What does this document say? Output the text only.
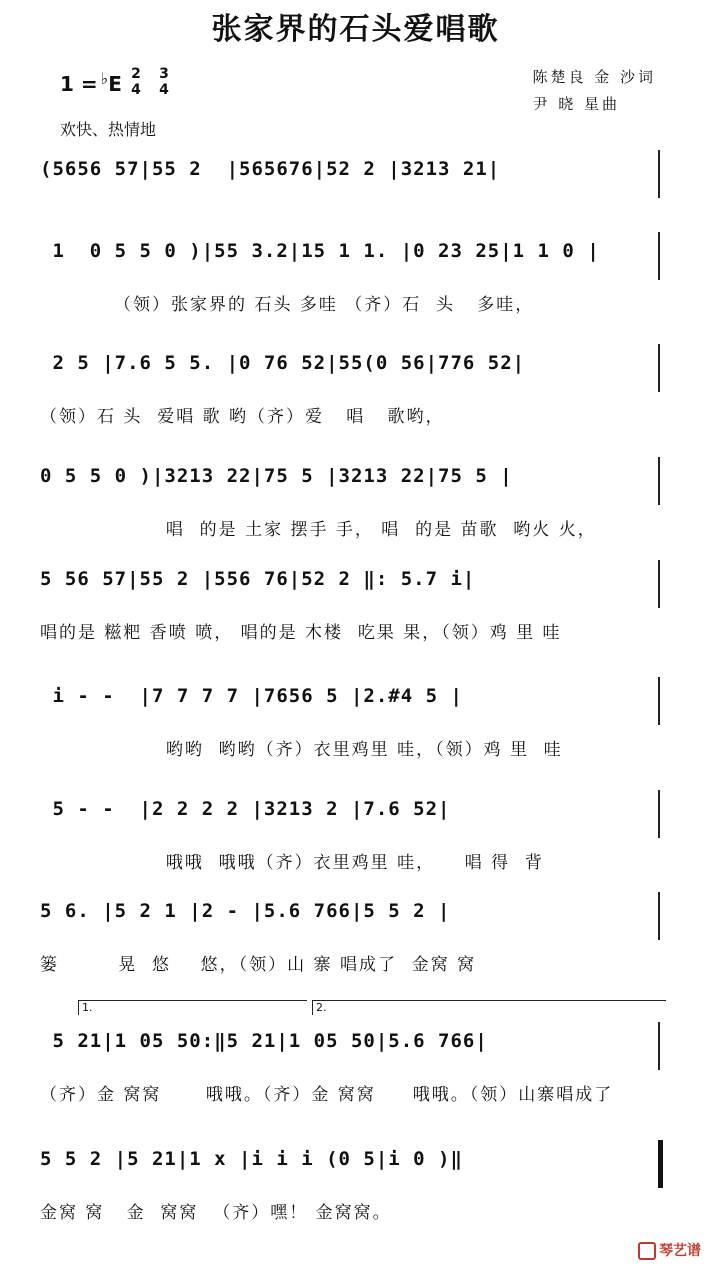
张家界的石头爱唱歌
1 = ♭E 2
4
3
4
欢快、热情地
陈楚良 金 沙词
尹 晓 星曲
(5656 57|55 2  |565676|52 2 |3213 21|
1  0 5 5 0 )|55 3.2|15 1 1. |0 23 25|1 1 0 |
（领）张家界的 石头 多哇 （齐）石  头   多哇，
2 5 |7.6 5 5. |0 76 52|55(0 56|776 52|
（领）石 头  爱唱 歌 哟（齐）爱   唱   歌哟，
0 5 5 0 )|3213 22|75 5 |3213 22|75 5 |
唱  的是 土家 摆手 手， 唱  的是 苗歌  哟火 火，
5 56 57|55 2 |556 76|52 2 ‖: 5.7 i|
唱的是 糍粑 香喷 喷， 唱的是 木楼  吃果 果，（领）鸡 里 哇
i - -  |7 7 7 7 |7656 5 |2.#4 5 |
哟哟  哟哟（齐）衣里鸡里 哇，（领）鸡 里  哇
5 - -  |2 2 2 2 |3213 2 |7.6 52|
哦哦  哦哦（齐）衣里鸡里 哇，    唱 得  背
5 6. |5 2 1 |2 - |5.6 766|5 5 2 |
篓        晃  悠    悠，（领）山 寨 唱成了  金窝 窝
5 21|1 05 50:‖5 21|1 05 50|5.6 766|
（齐）金 窝窝      哦哦。（齐）金 窝窝     哦哦。（领）山寨唱成了
5 5 2 |5 21|1 x |i i i (0 5|i 0 )‖
金窝 窝   金  窝窝  （齐）嘿！ 金窝窝。
1.	2.
琴艺谱
